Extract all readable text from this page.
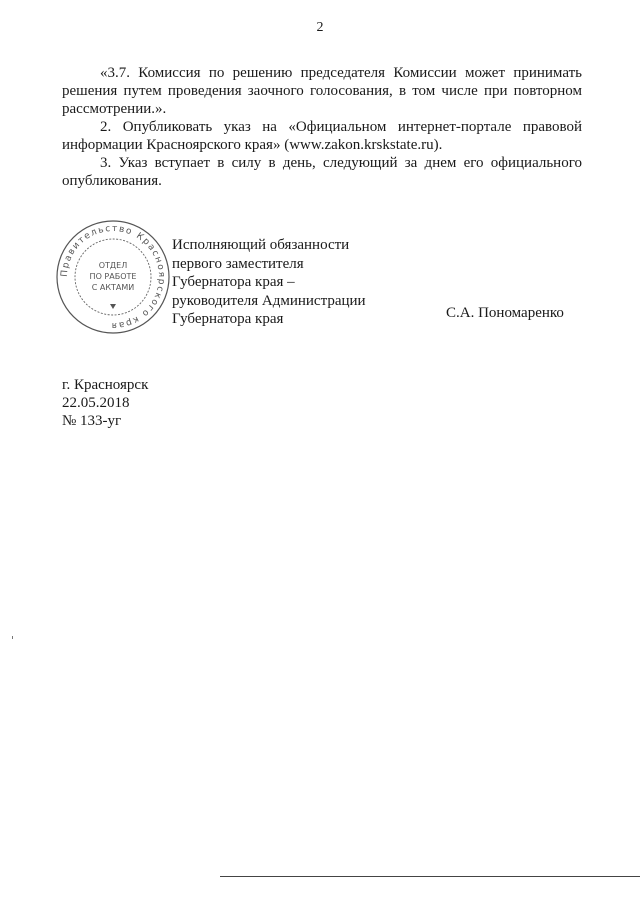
2
«3.7. Комиссия по решению председателя Комиссии может принимать решения путем проведения заочного голосования, в том числе при повторном рассмотрении.».
2. Опубликовать указ на «Официальном интернет-портале правовой информации Красноярского края» (www.zakon.krskstate.ru).
3. Указ вступает в силу в день, следующий за днем его официального опубликования.
Правительство Красноярского края
ОТДЕЛ
ПО РАБОТЕ
С АКТАМИ
Исполняющий обязанности
первого заместителя
Губернатора края –
руководителя Администрации
Губернатора края	С.А. Пономаренко
г. Красноярск
22.05.2018
№ 133-уг
